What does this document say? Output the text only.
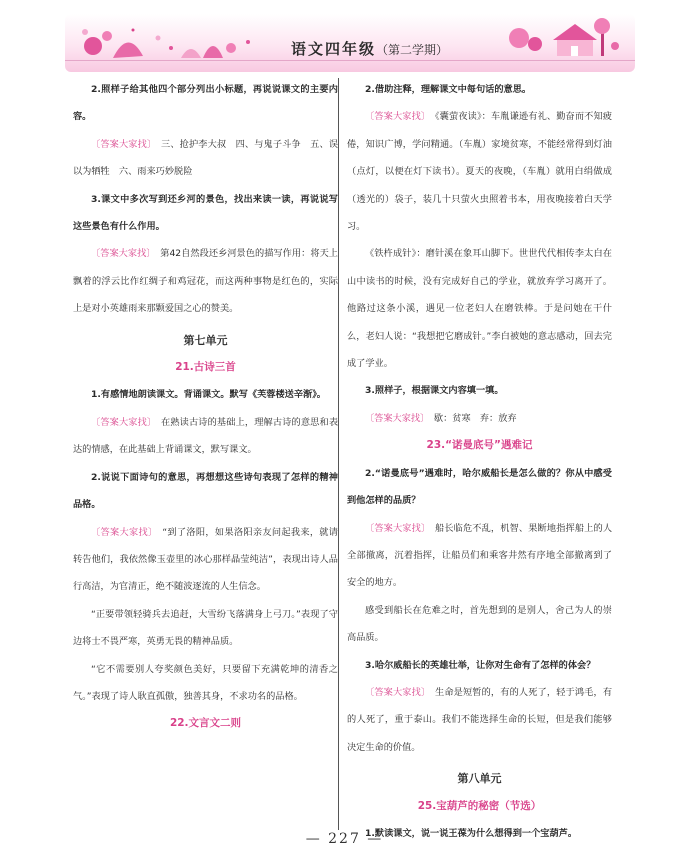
语文四年级（第二学期）

2.照样子给其他四个部分列出小标题，再说说课文的主要内容。

〔答案大家找〕　三、抢护李大叔　四、与鬼子斗争　五、误以为牺牲　六、雨来巧妙脱险

3.课文中多次写到还乡河的景色，找出来读一读，再说说写这些景色有什么作用。

〔答案大家找〕　第42自然段还乡河景色的描写作用：将天上飘着的浮云比作红绸子和鸡冠花，而这两种事物是红色的，实际上是对小英雄雨来那颗爱国之心的赞美。

第七单元

21.古诗三首

1.有感情地朗读课文。背诵课文。默写《芙蓉楼送辛渐》。

〔答案大家找〕　在熟读古诗的基础上，理解古诗的意思和表达的情感，在此基础上背诵课文，默写课文。

2.说说下面诗句的意思，再想想这些诗句表现了怎样的精神品格。

〔答案大家找〕　“到了洛阳，如果洛阳亲友问起我来，就请转告他们，我依然像玉壶里的冰心那样晶莹纯洁”，表现出诗人品行高洁，为官清正，绝不随波逐流的人生信念。

“正要带领轻骑兵去追赶，大雪纷飞落满身上弓刀。”表现了守边将士不畏严寒，英勇无畏的精神品质。

“它不需要别人夸奖颜色美好，只要留下充满乾坤的清香之气。”表现了诗人耿直孤傲，独善其身，不求功名的品格。

22.文言文二则

2.借助注释，理解课文中每句话的意思。

〔答案大家找〕　《囊萤夜读》：车胤谦逊有礼、勤奋而不知疲倦，知识广博，学问精通。（车胤）家境贫寒，不能经常得到灯油（点灯，以便在灯下读书）。夏天的夜晚，（车胤）就用白绢做成（透光的）袋子，装几十只萤火虫照着书本，用夜晚接着白天学习。

《铁杵成针》：磨针溪在象耳山脚下。世世代代相传李太白在山中读书的时候，没有完成好自己的学业，就放弃学习离开了。他路过这条小溪，遇见一位老妇人在磨铁棒。于是问她在干什么，老妇人说：“我想把它磨成针。”李白被她的意志感动，回去完成了学业。

3.照样子，根据课文内容填一填。

〔答案大家找〕　歇：贫寒　弃：放弃

23.“诺曼底号”遇难记

2.“诺曼底号”遇难时，哈尔威船长是怎么做的？你从中感受到他怎样的品质？

〔答案大家找〕　船长临危不乱，机智、果断地指挥船上的人全部撤离，沉着指挥，让船员们和乘客井然有序地全部撤离到了安全的地方。

感受到船长在危难之时，首先想到的是别人，舍己为人的崇高品质。

3.哈尔威船长的英雄壮举，让你对生命有了怎样的体会？

〔答案大家找〕　生命是短暂的，有的人死了，轻于鸿毛，有的人死了，重于泰山。我们不能选择生命的长短，但是我们能够决定生命的价值。

第八单元

25.宝葫芦的秘密（节选）

1.默读课文，说一说王葆为什么想得到一个宝葫芦。

— 227 —
